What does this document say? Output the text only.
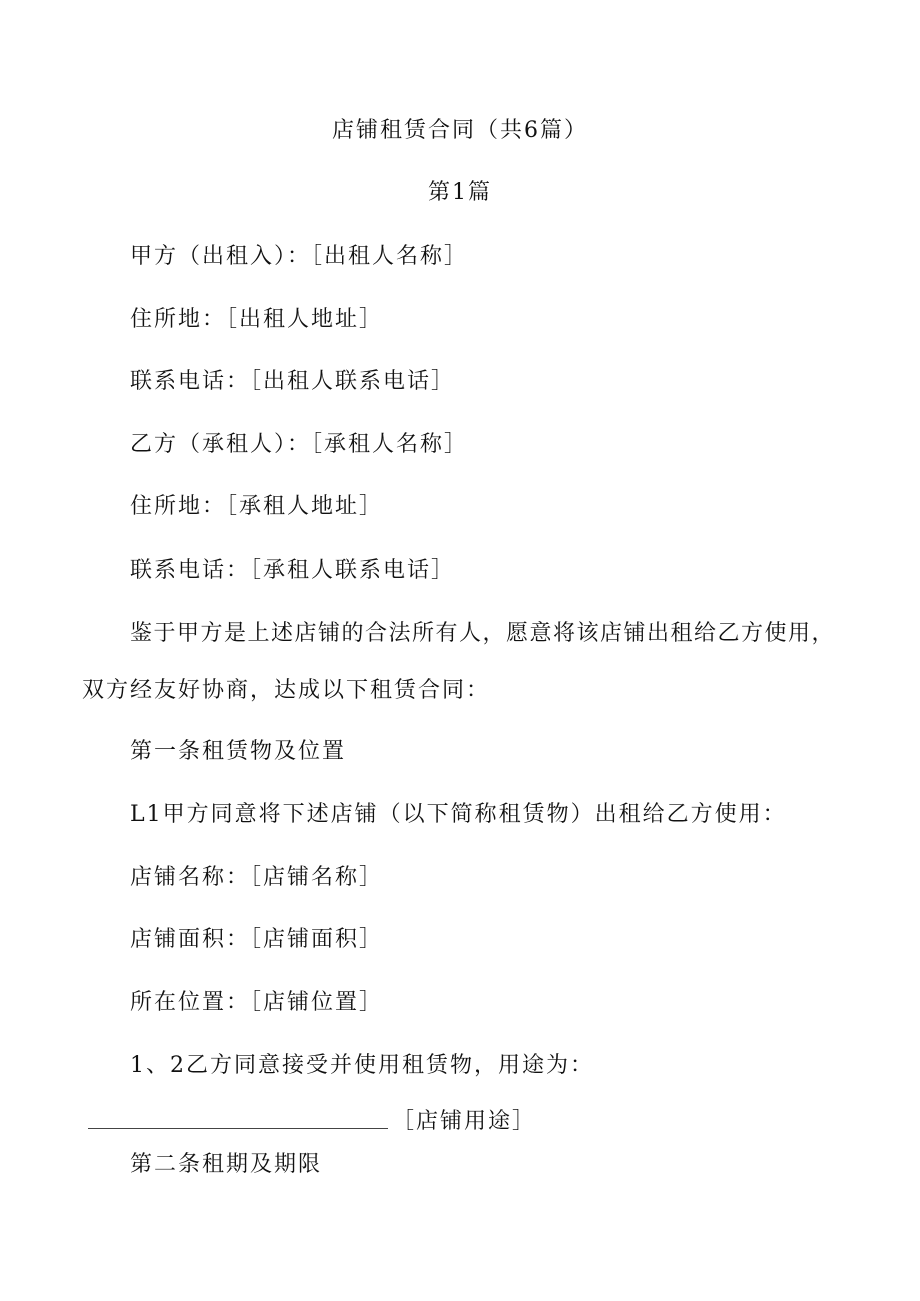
店铺租赁合同（共6篇）
第1篇
甲方（出租入）：［出租人名称］
住所地：［出租人地址］
联系电话：［出租人联系电话］
乙方（承租人）：［承租人名称］
住所地：［承租人地址］
联系电话：［承租人联系电话］
鉴于甲方是上述店铺的合法所有人，愿意将该店铺出租给乙方使用，
双方经友好协商，达成以下租赁合同：
第一条租赁物及位置
L1甲方同意将下述店铺（以下简称租赁物）出租给乙方使用：
店铺名称：［店铺名称］
店铺面积：［店铺面积］
所在位置：［店铺位置］
1、2乙方同意接受并使用租赁物，用途为：
［店铺用途］
第二条租期及期限
